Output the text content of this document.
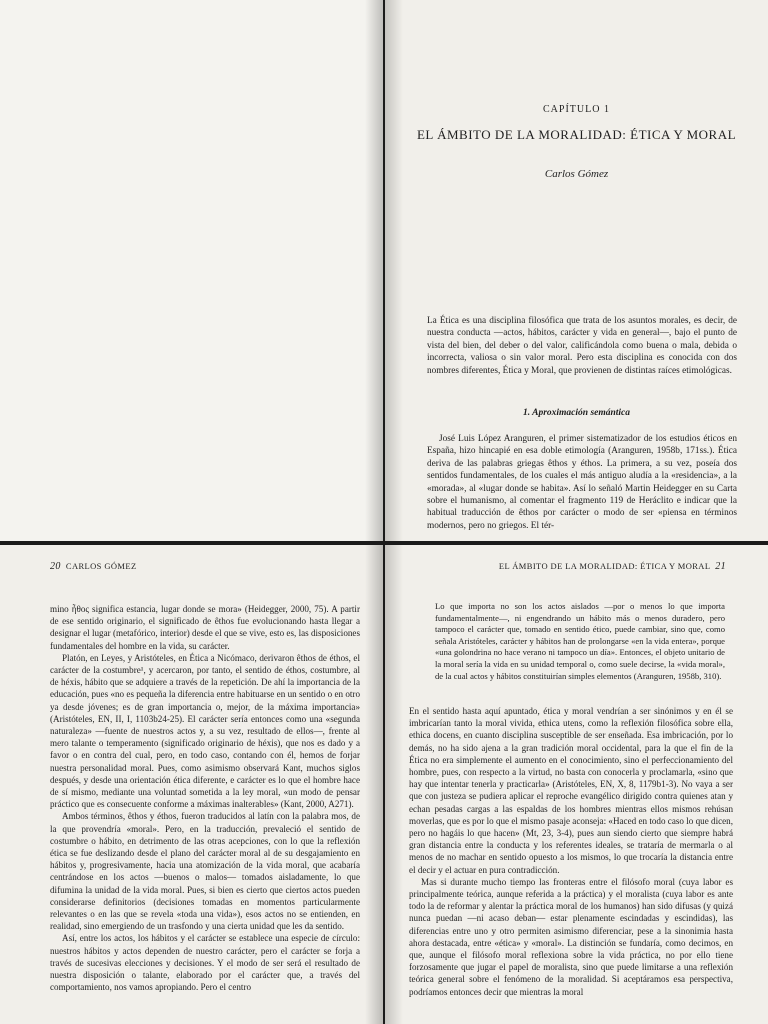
CAPÍTULO 1
EL ÁMBITO DE LA MORALIDAD: ÉTICA Y MORAL
Carlos Gómez

La Ética es una disciplina filosófica que trata de los asuntos morales, es decir, de nuestra conducta —actos, hábitos, carácter y vida en general—, bajo el punto de vista del bien, del deber o del valor, calificándola como buena o mala, debida o incorrecta, valiosa o sin valor moral. Pero esta disciplina es conocida con dos nombres diferentes, Ética y Moral, que provienen de distintas raíces etimológicas.

1. Aproximación semántica

José Luis López Aranguren, el primer sistematizador de los estudios éticos en España, hizo hincapié en esa doble etimología (Aranguren, 1958b, 171ss.). Ética deriva de las palabras griegas êthos y éthos. La primera, a su vez, poseía dos sentidos fundamentales, de los cuales el más antiguo aludía a la «residencia», a la «morada», al «lugar donde se habita». Así lo señaló Martin Heidegger en su Carta sobre el humanismo, al comentar el fragmento 119 de Heráclito e indicar que la habitual traducción de êthos por carácter o modo de ser «piensa en términos modernos, pero no griegos. El tér-

20 CARLOS GÓMEZ

mino ἦθος significa estancia, lugar donde se mora» (Heidegger, 2000, 75). A partir de ese sentido originario, el significado de êthos fue evolucionando hasta llegar a designar el lugar (metafórico, interior) desde el que se vive, esto es, las disposiciones fundamentales del hombre en la vida, su carácter.

Platón, en Leyes, y Aristóteles, en Ética a Nicómaco, derivaron êthos de éthos, el carácter de la costumbre¹, y acercaron, por tanto, el sentido de éthos, costumbre, al de héxis, hábito que se adquiere a través de la repetición. De ahí la importancia de la educación, pues «no es pequeña la diferencia entre habituarse en un sentido o en otro ya desde jóvenes; es de gran importancia o, mejor, de la máxima importancia» (Aristóteles, EN, II, I, 1103b24-25). El carácter sería entonces como una «segunda naturaleza» —fuente de nuestros actos y, a su vez, resultado de ellos—, frente al mero talante o temperamento (significado originario de héxis), que nos es dado y a favor o en contra del cual, pero, en todo caso, contando con él, hemos de forjar nuestra personalidad moral. Pues, como asimismo observará Kant, muchos siglos después, y desde una orientación ética diferente, e carácter es lo que el hombre hace de sí mismo, mediante una voluntad sometida a la ley moral, «un modo de pensar práctico que es consecuente conforme a máximas inalterables» (Kant, 2000, A271).

Ambos términos, êthos y éthos, fueron traducidos al latín con la palabra mos, de la que provendría «moral». Pero, en la traducción, prevaleció el sentido de costumbre o hábito, en detrimento de las otras acepciones, con lo que la reflexión ética se fue deslizando desde el plano del carácter moral al de su desgajamiento en hábitos y, progresivamente, hacia una atomización de la vida moral, que acabaría centrándose en los actos —buenos o malos— tomados aisladamente, lo que difumina la unidad de la vida moral. Pues, si bien es cierto que ciertos actos pueden considerarse definitorios (decisiones tomadas en momentos particularmente relevantes o en las que se revela «toda una vida»), esos actos no se entienden, en realidad, sino emergiendo de un trasfondo y una cierta unidad que les da sentido.

Así, entre los actos, los hábitos y el carácter se establece una especie de círculo: nuestros hábitos y actos dependen de nuestro carácter, pero el carácter se forja a través de sucesivas elecciones y decisiones. Y el modo de ser será el resultado de nuestra disposición o talante, elaborado por el carácter que, a través del comportamiento, nos vamos apropiando. Pero el centro

EL ÁMBITO DE LA MORALIDAD: ÉTICA Y MORAL 21
Lo que importa no son los actos aislados —por o menos lo que importa fundamentalmente—, ni engendrando un hábito más o menos duradero, pero tampoco el carácter que, tomado en sentido ético, puede cambiar, sino que, como señala Aristóteles, carácter y hábitos han de prolongarse «en la vida entera», porque «una golondrina no hace verano ni tampoco un día». Entonces, el objeto unitario de la moral sería la vida en su unidad temporal o, como suele decirse, la «vida moral», de la cual actos y hábitos constituirían simples elementos (Aranguren, 1958b, 310).

En el sentido hasta aquí apuntado, ética y moral vendrían a ser sinónimos y en él se imbricarían tanto la moral vivida, ethica utens, como la reflexión filosófica sobre ella, ethica docens, en cuanto disciplina susceptible de ser enseñada. Esa imbricación, por lo demás, no ha sido ajena a la gran tradición moral occidental, para la que el fin de la Ética no era simplemente el aumento en el conocimiento, sino el perfeccionamiento del hombre, pues, con respecto a la virtud, no basta con conocerla y proclamarla, «sino que hay que intentar tenerla y practicarla» (Aristóteles, EN, X, 8, 1179b1-3). No vaya a ser que con justeza se pudiera aplicar el reproche evangélico dirigido contra quienes atan y echan pesadas cargas a las espaldas de los hombres mientras ellos mismos rehúsan moverlas, que es por lo que el mismo pasaje aconseja: «Haced en todo caso lo que dicen, pero no hagáis lo que hacen» (Mt, 23, 3-4), pues aun siendo cierto que siempre habrá gran distancia entre la conducta y los referentes ideales, se trataría de mermarla o al menos de no machar en sentido opuesto a los mismos, lo que trocaría la distancia entre el decir y el actuar en pura contradicción.

Mas si durante mucho tiempo las fronteras entre el filósofo moral (cuya labor es principalmente teórica, aunque referida a la práctica) y el moralista (cuya labor es ante todo la de reformar y alentar la práctica moral de los humanos) han sido difusas (y quizá nunca puedan —ni acaso deban— estar plenamente escindadas y escindidas), las diferencias entre uno y otro permiten asimismo diferenciar, pese a la sinonimia hasta ahora destacada, entre «ética» y «moral». La distinción se fundaría, como decimos, en que, aunque el filósofo moral reflexiona sobre la vida práctica, no por ello tiene forzosamente que jugar el papel de moralista, sino que puede limitarse a una reflexión teórica general sobre el fenómeno de la moralidad. Si aceptáramos esa perspectiva, podríamos entonces decir que mientras la moral
